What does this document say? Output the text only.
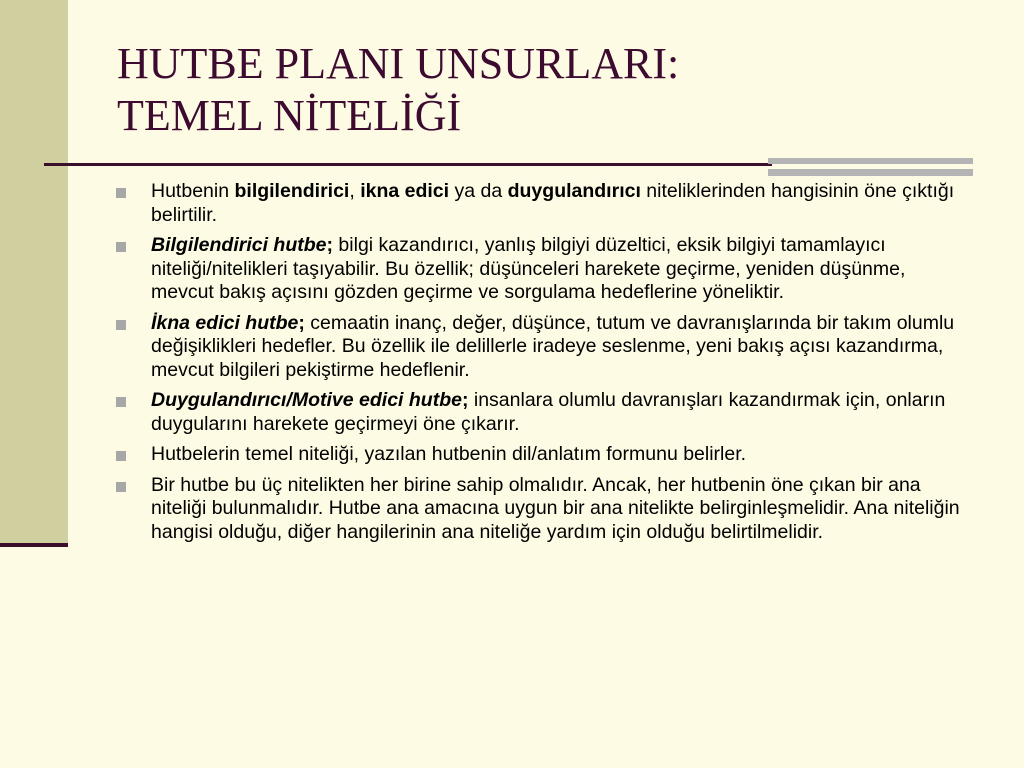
HUTBE PLANI UNSURLARI:
TEMEL NİTELİĞİ
Hutbenin bilgilendirici, ikna edici ya da duygulandırıcı niteliklerinden hangisinin öne çıktığı belirtilir.
Bilgilendirici hutbe; bilgi kazandırıcı, yanlış bilgiyi düzeltici, eksik bilgiyi tamamlayıcı niteliği/nitelikleri taşıyabilir. Bu özellik; düşünceleri harekete geçirme, yeniden düşünme, mevcut bakış açısını gözden geçirme ve sorgulama hedeflerine yöneliktir.
İkna edici hutbe; cemaatin inanç, değer, düşünce, tutum ve davranışlarında bir takım olumlu değişiklikleri hedefler. Bu özellik ile delillerle iradeye seslenme, yeni bakış açısı kazandırma, mevcut bilgileri pekiştirme hedeflenir.
Duygulandırıcı/Motive edici hutbe; insanlara olumlu davranışları kazandırmak için, onların duygularını harekete geçirmeyi öne çıkarır.
Hutbelerin temel niteliği, yazılan hutbenin dil/anlatım formunu belirler.
Bir hutbe bu üç nitelikten her birine sahip olmalıdır. Ancak, her hutbenin öne çıkan bir ana niteliği bulunmalıdır. Hutbe ana amacına uygun bir ana nitelikte belirginleşmelidir. Ana niteliğin hangisi olduğu, diğer hangilerinin ana niteliğe yardım için olduğu belirtilmelidir.
